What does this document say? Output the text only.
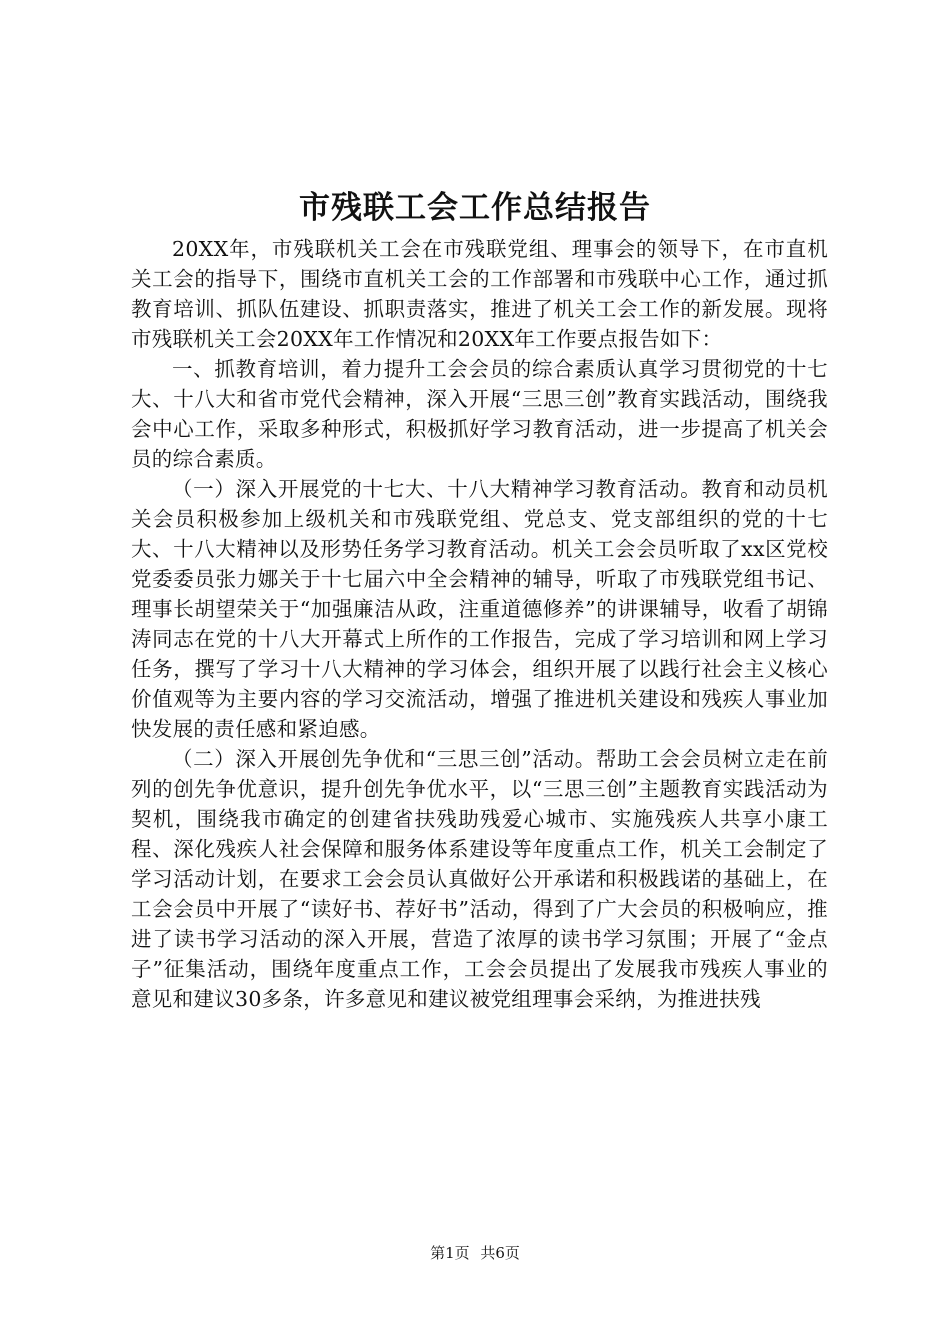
市残联工会工作总结报告

20XX年，市残联机关工会在市残联党组、理事会的领导下，在市直机关工会的指导下，围绕市直机关工会的工作部署和市残联中心工作，通过抓教育培训、抓队伍建设、抓职责落实，推进了机关工会工作的新发展。现将市残联机关工会20XX年工作情况和20XX年工作要点报告如下：

一、抓教育培训，着力提升工会会员的综合素质认真学习贯彻党的十七大、十八大和省市党代会精神，深入开展“三思三创”教育实践活动，围绕我会中心工作，采取多种形式，积极抓好学习教育活动，进一步提高了机关会员的综合素质。

（一）深入开展党的十七大、十八大精神学习教育活动。教育和动员机关会员积极参加上级机关和市残联党组、党总支、党支部组织的党的十七大、十八大精神以及形势任务学习教育活动。机关工会会员听取了xx区党校党委委员张力娜关于十七届六中全会精神的辅导，听取了市残联党组书记、理事长胡望荣关于“加强廉洁从政，注重道德修养”的讲课辅导，收看了胡锦涛同志在党的十八大开幕式上所作的工作报告，完成了学习培训和网上学习任务，撰写了学习十八大精神的学习体会，组织开展了以践行社会主义核心价值观等为主要内容的学习交流活动，增强了推进机关建设和残疾人事业加快发展的责任感和紧迫感。

（二）深入开展创先争优和“三思三创”活动。帮助工会会员树立走在前列的创先争优意识，提升创先争优水平，以“三思三创”主题教育实践活动为契机，围绕我市确定的创建省扶残助残爱心城市、实施残疾人共享小康工程、深化残疾人社会保障和服务体系建设等年度重点工作，机关工会制定了学习活动计划，在要求工会会员认真做好公开承诺和积极践诺的基础上，在工会会员中开展了“读好书、荐好书”活动，得到了广大会员的积极响应，推进了读书学习活动的深入开展，营造了浓厚的读书学习氛围；开展了“金点子”征集活动，围绕年度重点工作，工会会员提出了发展我市残疾人事业的意见和建议30多条，许多意见和建议被党组理事会采纳，为推进扶残

第1页 共6页
